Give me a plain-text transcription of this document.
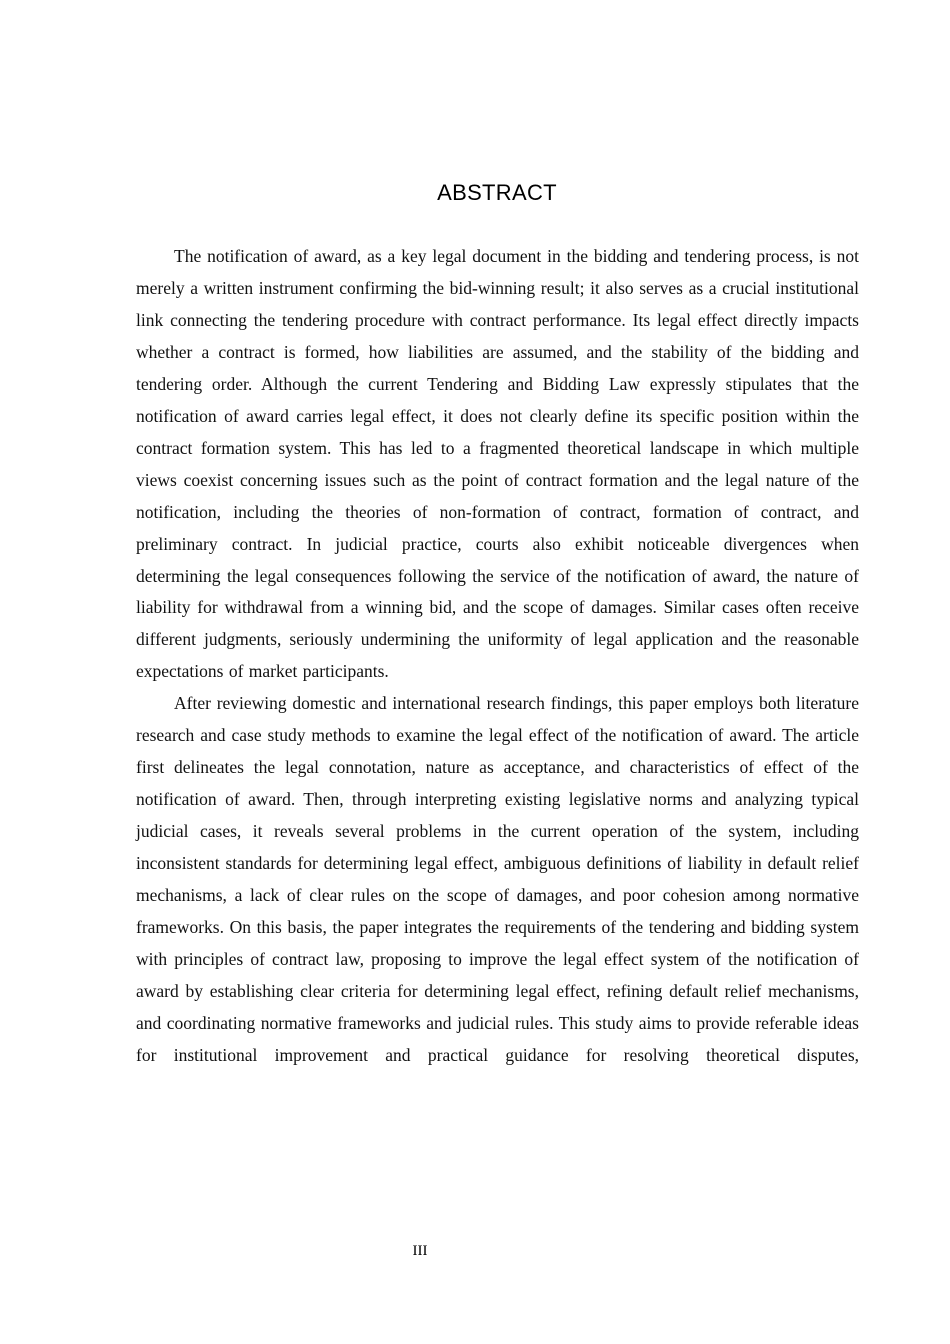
ABSTRACT

The notification of award, as a key legal document in the bidding and tendering process, is not merely a written instrument confirming the bid-winning result; it also serves as a crucial institutional link connecting the tendering procedure with contract performance. Its legal effect directly impacts whether a contract is formed, how liabilities are assumed, and the stability of the bidding and tendering order. Although the current Tendering and Bidding Law expressly stipulates that the notification of award carries legal effect, it does not clearly define its specific position within the contract formation system. This has led to a fragmented theoretical landscape in which multiple views coexist concerning issues such as the point of contract formation and the legal nature of the notification, including the theories of non-formation of contract, formation of contract, and preliminary contract. In judicial practice, courts also exhibit noticeable divergences when determining the legal consequences following the service of the notification of award, the nature of liability for withdrawal from a winning bid, and the scope of damages. Similar cases often receive different judgments, seriously undermining the uniformity of legal application and the reasonable expectations of market participants.

After reviewing domestic and international research findings, this paper employs both literature research and case study methods to examine the legal effect of the notification of award. The article first delineates the legal connotation, nature as acceptance, and characteristics of effect of the notification of award. Then, through interpreting existing legislative norms and analyzing typical judicial cases, it reveals several problems in the current operation of the system, including inconsistent standards for determining legal effect, ambiguous definitions of liability in default relief mechanisms, a lack of clear rules on the scope of damages, and poor cohesion among normative frameworks. On this basis, the paper integrates the requirements of the tendering and bidding system with principles of contract law, proposing to improve the legal effect system of the notification of award by establishing clear criteria for determining legal effect, refining default relief mechanisms, and coordinating normative frameworks and judicial rules. This study aims to provide referable ideas for institutional improvement and practical guidance for resolving theoretical disputes,

III
